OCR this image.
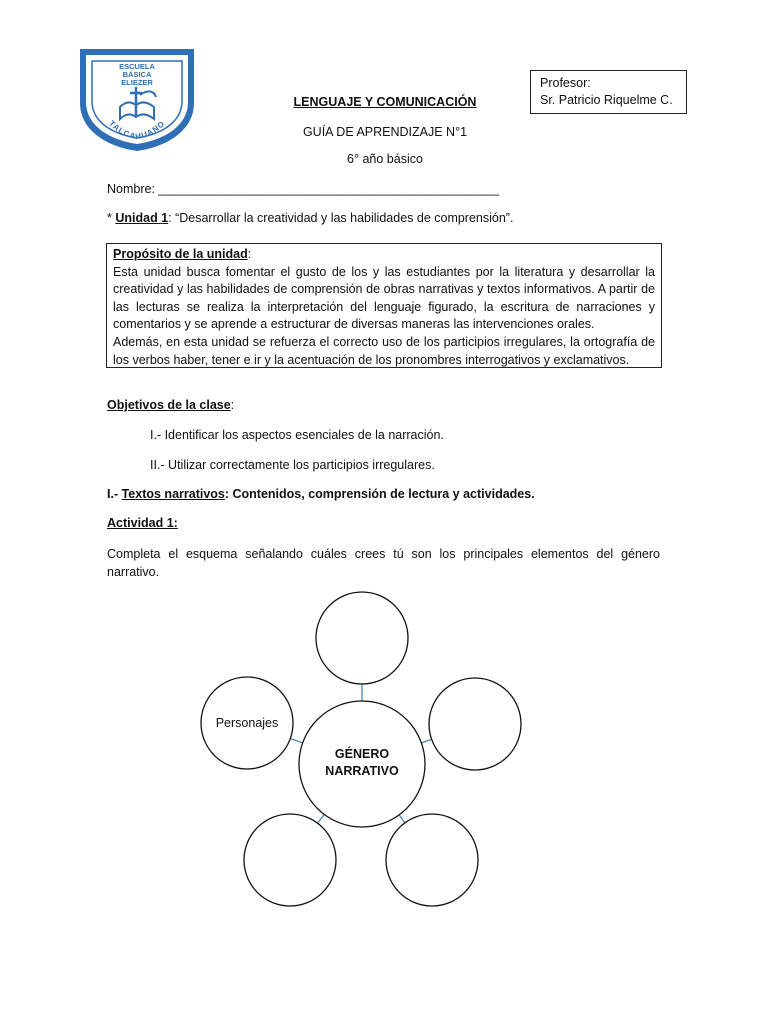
ESCUELA
BÁSICA
ELIEZER
TALCAHUANO
Profesor:
Sr. Patricio Riquelme C.
LENGUAJE Y COMUNICACIÓN
GUÍA DE APRENDIZAJE N°1
6° año básico
Nombre: _________________________________________________
* Unidad 1: “Desarrollar la creatividad y las habilidades de comprensión”.
Propósito de la unidad:

Esta unidad busca fomentar el gusto de los y las estudiantes por la literatura y desarrollar la creatividad y las habilidades de comprensión de obras narrativas y textos informativos. A partir de las lecturas se realiza la interpretación del lenguaje figurado, la escritura de narraciones y comentarios y se aprende a estructurar de diversas maneras las intervenciones orales.

Además, en esta unidad se refuerza el correcto uso de los participios irregulares, la ortografía de los verbos haber, tener e ir y la acentuación de los pronombres interrogativos y exclamativos.

Objetivos de la clase:
I.- Identificar los aspectos esenciales de la narración.
II.- Utilizar correctamente los participios irregulares.
I.- Textos narrativos: Contenidos, comprensión de lectura y actividades.
Actividad 1:
Completa el esquema señalando cuáles crees tú son los principales elementos del género narrativo.
Personajes
GÉNERO
NARRATIVO
